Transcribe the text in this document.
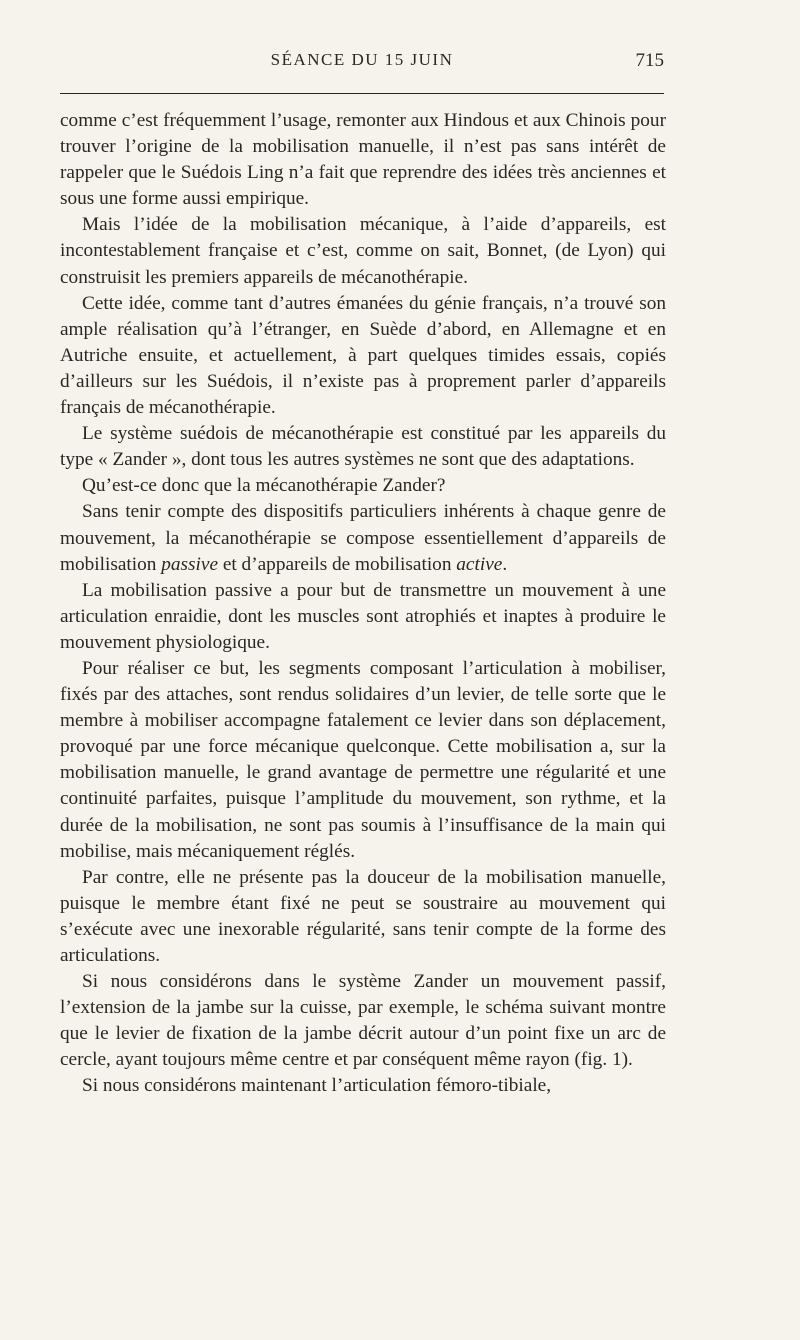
SÉANCE DU 15 JUIN	715

comme c’est fréquemment l’usage, remonter aux Hindous et aux Chinois pour trouver l’origine de la mobilisation manuelle, il n’est pas sans intérêt de rappeler que le Suédois Ling n’a fait que reprendre des idées très anciennes et sous une forme aussi empirique.

Mais l’idée de la mobilisation mécanique, à l’aide d’appareils, est incontestablement française et c’est, comme on sait, Bonnet, (de Lyon) qui construisit les premiers appareils de mécanothérapie.

Cette idée, comme tant d’autres émanées du génie français, n’a trouvé son ample réalisation qu’à l’étranger, en Suède d’abord, en Allemagne et en Autriche ensuite, et actuellement, à part quelques timides essais, copiés d’ailleurs sur les Suédois, il n’existe pas à proprement parler d’appareils français de mécanothérapie.

Le système suédois de mécanothérapie est constitué par les appareils du type « Zander », dont tous les autres systèmes ne sont que des adaptations.

Qu’est-ce donc que la mécanothérapie Zander?

Sans tenir compte des dispositifs particuliers inhérents à chaque genre de mouvement, la mécanothérapie se compose essentiellement d’appareils de mobilisation passive et d’appareils de mobilisation active.

La mobilisation passive a pour but de transmettre un mouvement à une articulation enraidie, dont les muscles sont atrophiés et inaptes à produire le mouvement physiologique.

Pour réaliser ce but, les segments composant l’articulation à mobiliser, fixés par des attaches, sont rendus solidaires d’un levier, de telle sorte que le membre à mobiliser accompagne fatalement ce levier dans son déplacement, provoqué par une force mécanique quelconque. Cette mobilisation a, sur la mobilisation manuelle, le grand avantage de permettre une régularité et une continuité parfaites, puisque l’amplitude du mouvement, son rythme, et la durée de la mobilisation, ne sont pas soumis à l’insuffisance de la main qui mobilise, mais mécaniquement réglés.

Par contre, elle ne présente pas la douceur de la mobilisation manuelle, puisque le membre étant fixé ne peut se soustraire au mouvement qui s’exécute avec une inexorable régularité, sans tenir compte de la forme des articulations.

Si nous considérons dans le système Zander un mouvement passif, l’extension de la jambe sur la cuisse, par exemple, le schéma suivant montre que le levier de fixation de la jambe décrit autour d’un point fixe un arc de cercle, ayant toujours même centre et par conséquent même rayon (fig. 1).

Si nous considérons maintenant l’articulation fémoro-tibiale,
